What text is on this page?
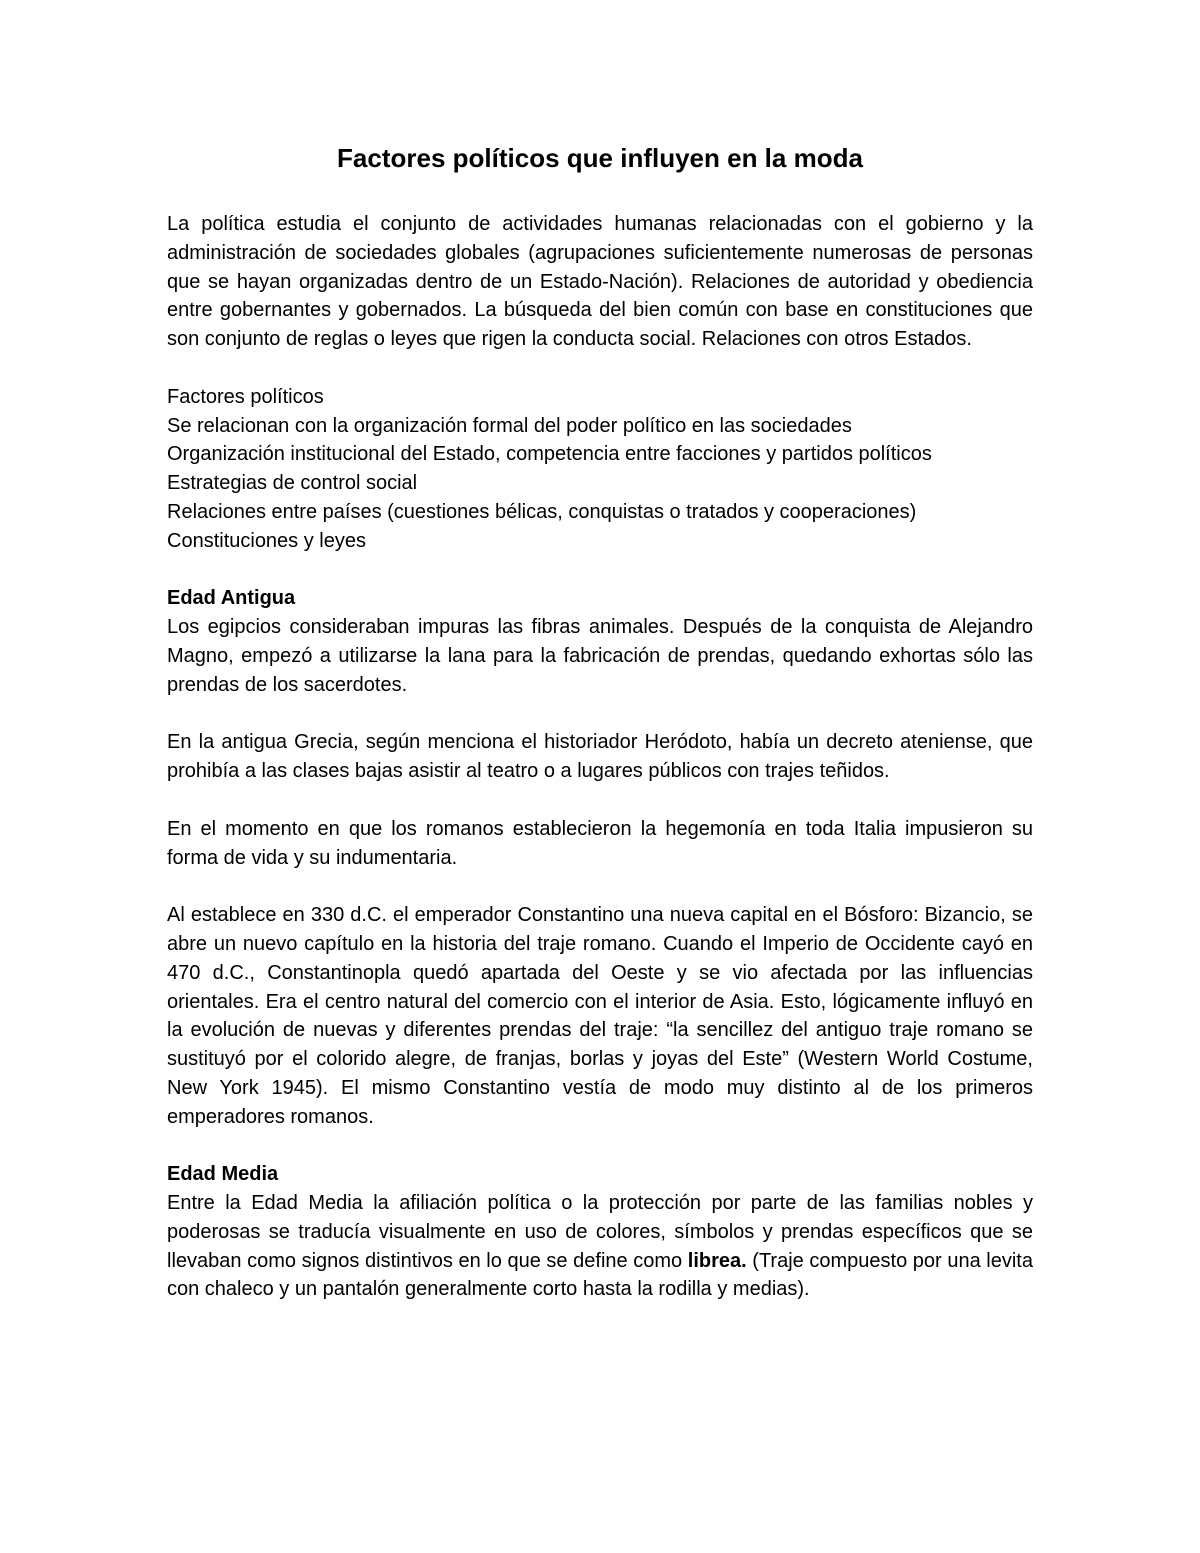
Factores políticos que influyen en la moda

La política estudia el conjunto de actividades humanas relacionadas con el gobierno y la administración de sociedades globales (agrupaciones suficientemente numerosas de personas que se hayan organizadas dentro de un Estado-Nación). Relaciones de autoridad y obediencia entre gobernantes y gobernados. La búsqueda del bien común con base en constituciones que son conjunto de reglas o leyes que rigen la conducta social. Relaciones con otros Estados.

Factores políticos
Se relacionan con la organización formal del poder político en las sociedades
Organización institucional del Estado, competencia entre facciones y partidos políticos
Estrategias de control social
Relaciones entre países (cuestiones bélicas, conquistas o tratados y cooperaciones)
Constituciones y leyes

Edad Antigua

Los egipcios consideraban impuras las fibras animales. Después de la conquista de Alejandro Magno, empezó a utilizarse la lana para la fabricación de prendas, quedando exhortas sólo las prendas de los sacerdotes.

En la antigua Grecia, según menciona el historiador Heródoto, había un decreto ateniense, que prohibía a las clases bajas asistir al teatro o a lugares públicos con trajes teñidos.

En el momento en que los romanos establecieron la hegemonía en toda Italia impusieron su forma de vida y su indumentaria.

Al establece en 330 d.C. el emperador Constantino una nueva capital en el Bósforo: Bizancio, se abre un nuevo capítulo en la historia del traje romano. Cuando el Imperio de Occidente cayó en 470 d.C., Constantinopla quedó apartada del Oeste y se vio afectada por las influencias orientales. Era el centro natural del comercio con el interior de Asia. Esto, lógicamente influyó en la evolución de nuevas y diferentes prendas del traje: “la sencillez del antiguo traje romano se sustituyó por el colorido alegre, de franjas, borlas y joyas del Este” (Western World Costume, New York 1945). El mismo Constantino vestía de modo muy distinto al de los primeros emperadores romanos.

Edad Media

Entre la Edad Media la afiliación política o la protección por parte de las familias nobles y poderosas se traducía visualmente en uso de colores, símbolos y prendas específicos que se llevaban como signos distintivos en lo que se define como librea. (Traje compuesto por una levita con chaleco y un pantalón generalmente corto hasta la rodilla y medias).
